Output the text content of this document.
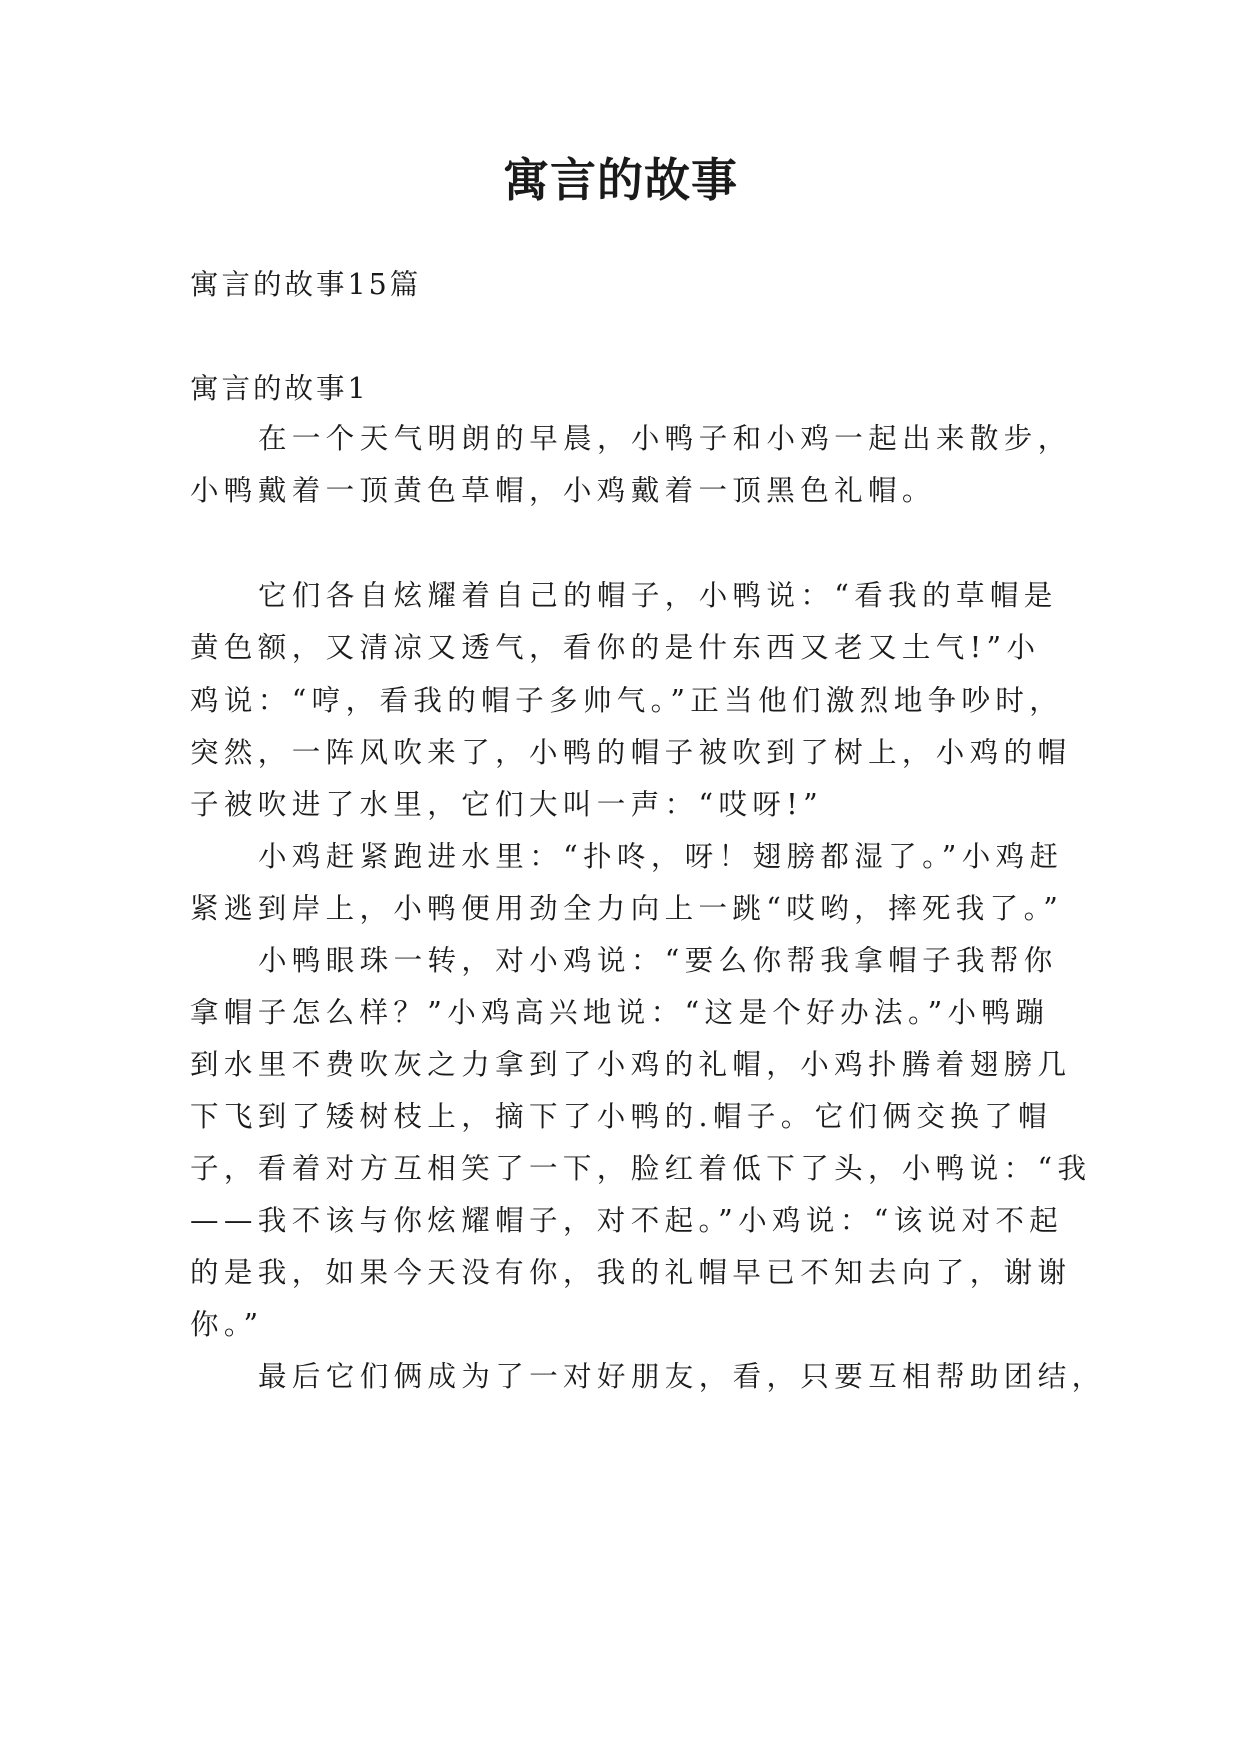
寓言的故事
寓言的故事15篇
寓言的故事1
在一个天气明朗的早晨，小鸭子和小鸡一起出来散步，
小鸭戴着一顶黄色草帽，小鸡戴着一顶黑色礼帽。
它们各自炫耀着自己的帽子，小鸭说：“看我的草帽是
黄色额，又清凉又透气，看你的是什东西又老又土气!”小
鸡说：“哼，看我的帽子多帅气。”正当他们激烈地争吵时，
突然，一阵风吹来了，小鸭的帽子被吹到了树上，小鸡的帽
子被吹进了水里，它们大叫一声：“哎呀!”
小鸡赶紧跑进水里：“扑咚，呀！翅膀都湿了。”小鸡赶
紧逃到岸上，小鸭便用劲全力向上一跳“哎哟，摔死我了。”
小鸭眼珠一转，对小鸡说：“要么你帮我拿帽子我帮你
拿帽子怎么样？”小鸡高兴地说：“这是个好办法。”小鸭蹦
到水里不费吹灰之力拿到了小鸡的礼帽，小鸡扑腾着翅膀几
下飞到了矮树枝上，摘下了小鸭的.帽子。它们俩交换了帽
子，看着对方互相笑了一下，脸红着低下了头，小鸭说：“我
——我不该与你炫耀帽子，对不起。”小鸡说：“该说对不起
的是我，如果今天没有你，我的礼帽早已不知去向了，谢谢
你。”
最后它们俩成为了一对好朋友，看，只要互相帮助团结，
